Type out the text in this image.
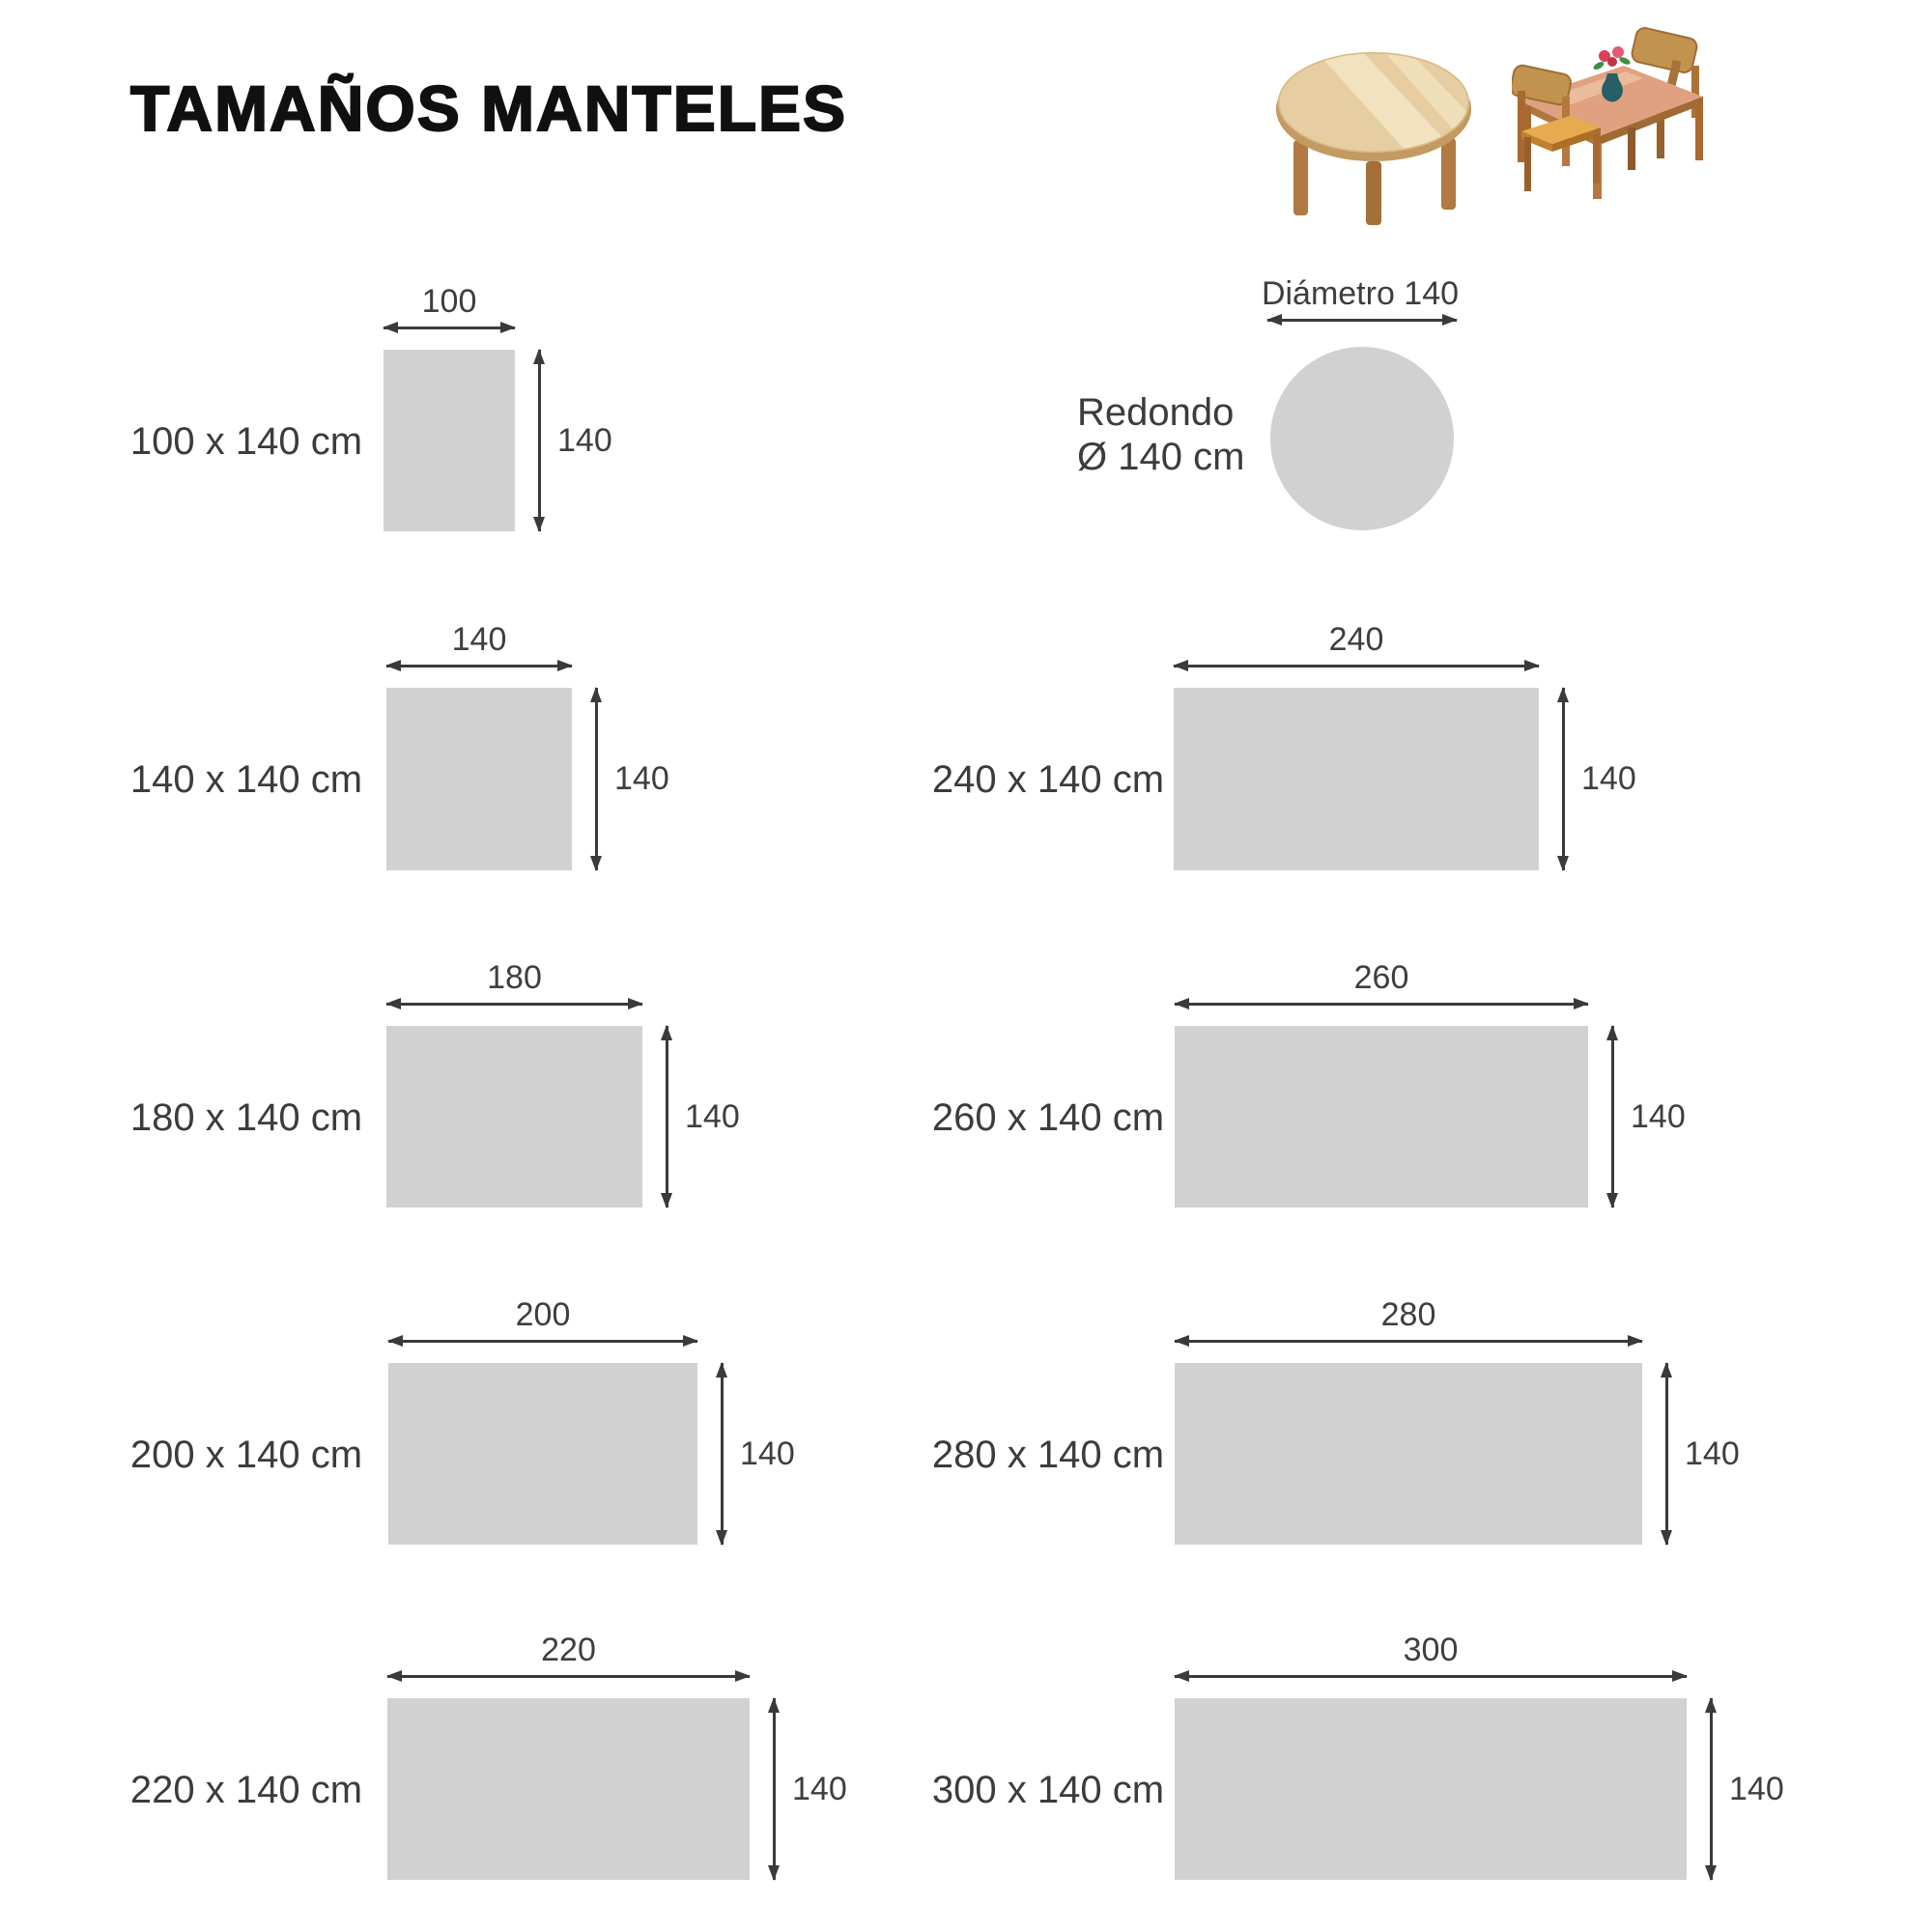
TAMAÑOS MANTELES
100 x 140 cm
100
140
Redondo
Ø 140 cm
Diámetro 140
140 x 140 cm
140
140	240 x 140 cm
240
140
180 x 140 cm
180
140	260 x 140 cm
260
140
200 x 140 cm
200
140	280 x 140 cm
280
140
220 x 140 cm
220
140	300 x 140 cm
300
140
